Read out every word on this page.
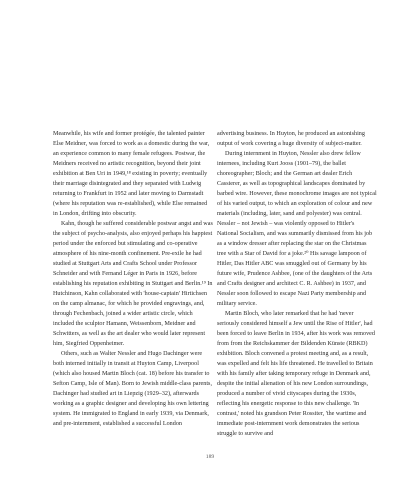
Meanwhile, his wife and former protégée, the talented painter Else Meidner, was forced to work as a domestic during the war, an experience common to many female refugees. Postwar, the Meidners received no artistic recognition, beyond their joint exhibition at Ben Uri in 1949,¹⁸ existing in poverty; eventually their marriage disintegrated and they separated with Ludwig returning to Frankfurt in 1952 and later moving to Darmstadt (where his reputation was re-established), while Else remained in London, drifting into obscurity.

Kahn, though he suffered considerable postwar angst and was the subject of psycho-analysis, also enjoyed perhaps his happiest period under the enforced but stimulating and co-operative atmosphere of his nine-month confinement. Pre-exile he had studied at Stuttgart Arts and Crafts School under Professor Schneider and with Fernand Léger in Paris in 1926, before establishing his reputation exhibiting in Stuttgart and Berlin.¹⁹ In Hutchinson, Kahn collaborated with 'house-captain' Hirtichsen on the camp almanac, for which he provided engravings, and, through Fechenbach, joined a wider artistic circle, which included the sculptor Hamann, Weissenborn, Meidner and Schwitters, as well as the art dealer who would later represent him, Siegfried Oppenheimer.

Others, such as Walter Nessler and Hugo Dachinger were both interned initially in transit at Huyton Camp, Liverpool (which also housed Martin Bloch (cat. 18) before his transfer to Sefton Camp, Isle of Man). Born to Jewish middle-class parents, Dachinger had studied art in Liepzig (1929–32), afterwards working as a graphic designer and developing his own lettering system. He immigrated to England in early 1939, via Denmark, and pre-internment, established a successful London

advertising business. In Huyton, he produced an astonishing output of work covering a huge diversity of subject-matter.

During internment in Huyton, Nessler also drew fellow internees, including Kurt Jooss (1901–79), the ballet choreographer; Bloch; and the German art dealer Erich Cassierer, as well as topographical landscapes dominated by barbed wire. However, these monochrome images are not typical of his varied output, to which an exploration of colour and new materials (including, later, sand and polyester) was central. Nessler – not Jewish – was violently opposed to Hitler's National Socialism, and was summarily dismissed from his job as a window dresser after replacing the star on the Christmas tree with a Star of David for a joke.²⁰ His savage lampoon of Hitler, Das Hitler ABC was smuggled out of Germany by his future wife, Prudence Ashbee, (one of the daughters of the Arts and Crafts designer and architect C. R. Ashbee) in 1937, and Nessler soon followed to escape Nazi Party membership and military service.

Martin Bloch, who later remarked that he had 'never seriously considered himself a Jew until the Rise of Hitler', had been forced to leave Berlin in 1934, after his work was removed from from the Reichskammer der Bildenden Künste (RBKD) exhibition. Bloch convened a protest meeting and, as a result, was expelled and felt his life threatened. He travelled to Britain with his family after taking temporary refuge in Denmark and, despite the initial alienation of his new London surroundings, produced a number of vivid cityscapes during the 1930s, reflecting his energetic response to this new challenge. 'In contrast,' noted his grandson Peter Rossiter, 'the wartime and immediate post-internment work demonstrates the serious struggle to survive and

189
